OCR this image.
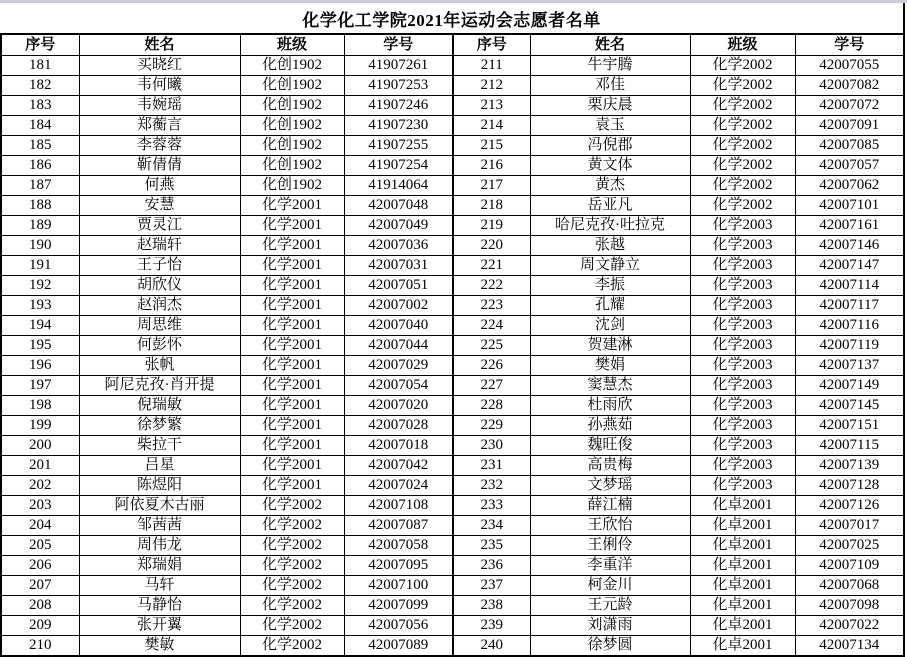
化学化工学院2021年运动会志愿者名单
序号	姓名	班级	学号	序号	姓名	班级	学号
181	买晓红	化创1902	41907261	211	牛宇腾	化学2002	42007055
182	韦何曦	化创1902	41907253	212	邓佳	化学2002	42007082
183	韦婉瑶	化创1902	41907246	213	栗庆晨	化学2002	42007072
184	郑蘅言	化创1902	41907230	214	袁玉	化学2002	42007091
185	李蓉蓉	化创1902	41907255	215	冯倪郡	化学2002	42007085
186	靳倩倩	化创1902	41907254	216	黄文体	化学2002	42007057
187	何燕	化创1902	41914064	217	黄杰	化学2002	42007062
188	安慧	化学2001	42007048	218	岳亚凡	化学2002	42007101
189	贾灵江	化学2001	42007049	219	哈尼克孜·吐拉克	化学2003	42007161
190	赵瑞轩	化学2001	42007036	220	张越	化学2003	42007146
191	王子怡	化学2001	42007031	221	周文静立	化学2003	42007147
192	胡欣仪	化学2001	42007051	222	李振	化学2003	42007114
193	赵润杰	化学2001	42007002	223	孔耀	化学2003	42007117
194	周思维	化学2001	42007040	224	沈剑	化学2003	42007116
195	何彭怀	化学2001	42007044	225	贺建淋	化学2003	42007119
196	张帆	化学2001	42007029	226	樊娟	化学2003	42007137
197	阿尼克孜·肖开提	化学2001	42007054	227	窦慧杰	化学2003	42007149
198	倪瑞敏	化学2001	42007020	228	杜雨欣	化学2003	42007145
199	徐梦繁	化学2001	42007028	229	孙燕茹	化学2003	42007151
200	柴拉干	化学2001	42007018	230	魏旺俊	化学2003	42007115
201	吕星	化学2001	42007042	231	高贵梅	化学2003	42007139
202	陈煜阳	化学2001	42007024	232	文梦瑶	化学2003	42007128
203	阿依夏木古丽	化学2002	42007108	233	薛江楠	化卓2001	42007126
204	邹茜茜	化学2002	42007087	234	王欣怡	化卓2001	42007017
205	周伟龙	化学2002	42007058	235	王俐伶	化卓2001	42007025
206	郑瑞娟	化学2002	42007095	236	李重洋	化卓2001	42007109
207	马轩	化学2002	42007100	237	柯金川	化卓2001	42007068
208	马静怡	化学2002	42007099	238	王元龄	化卓2001	42007098
209	张开翼	化学2002	42007056	239	刘潇雨	化卓2001	42007022
210	樊敏	化学2002	42007089	240	徐梦圆	化卓2001	42007134
